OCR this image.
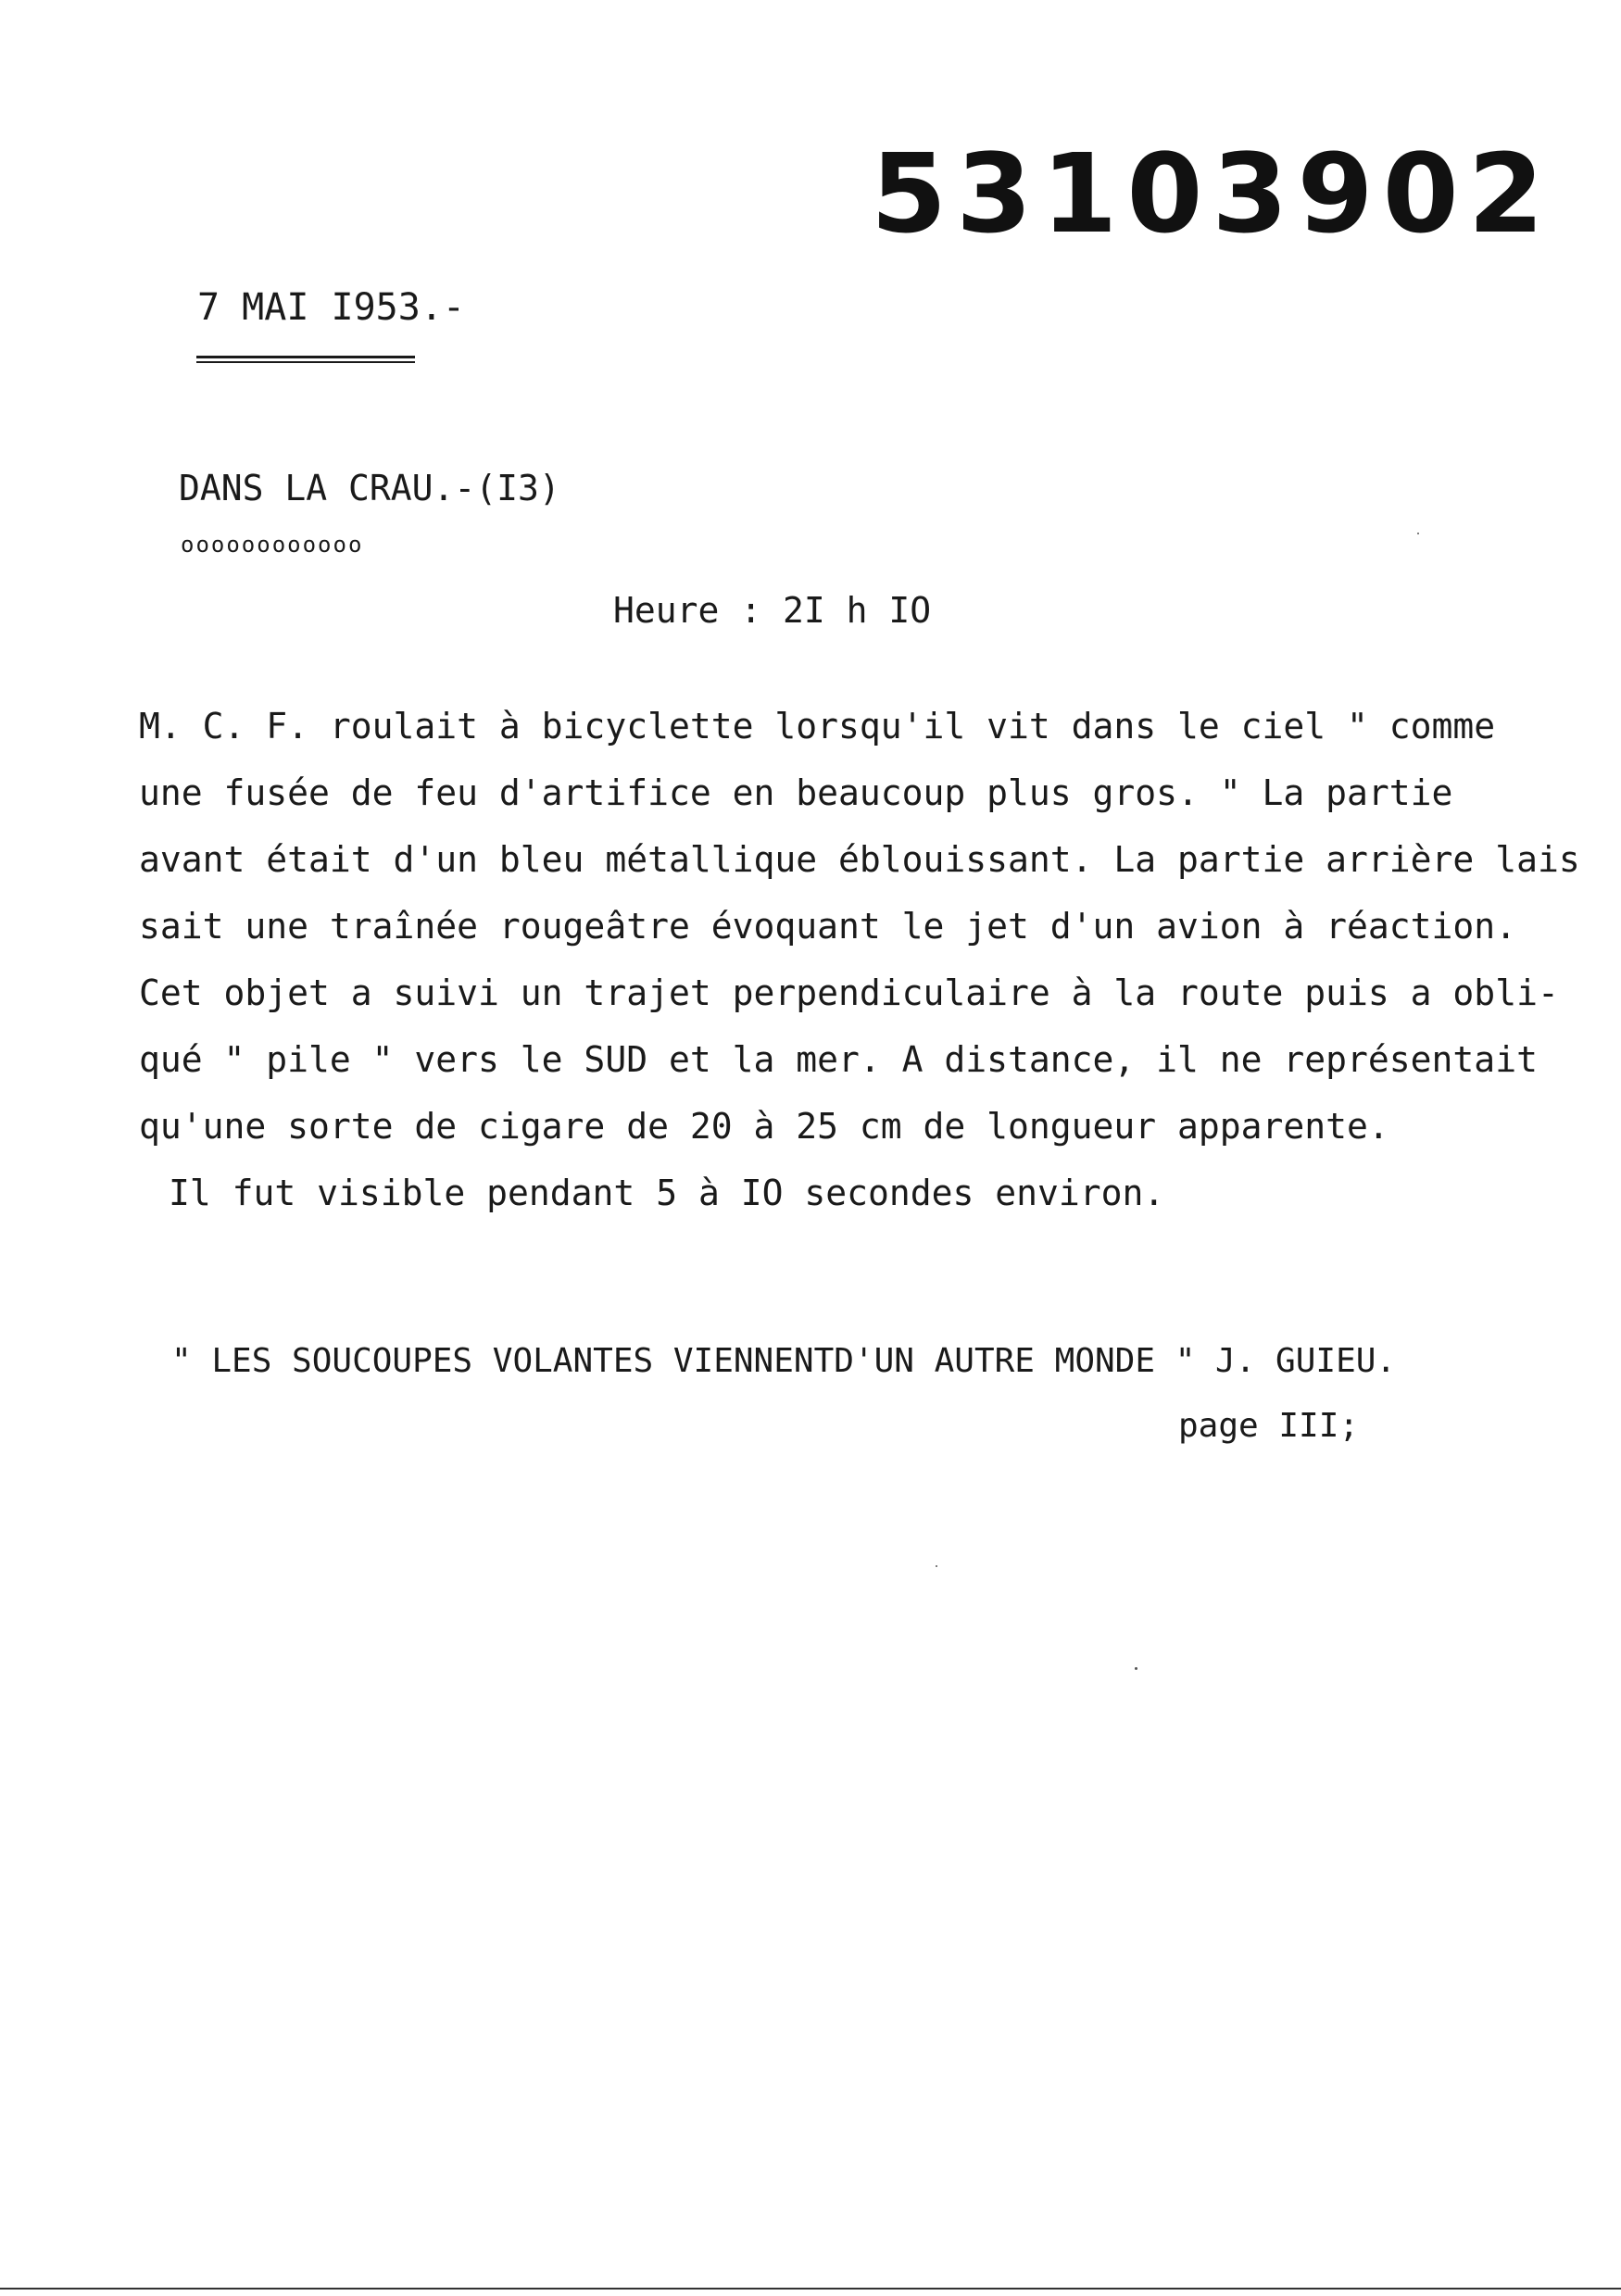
53103902
7 MAI I953.-
DANS LA CRAU.-(I3)
oooooooooooo
Heure : 2I h IO
M. C. F. roulait à bicyclette lorsqu'il vit dans le ciel " comme
une fusée de feu d'artifice en beaucoup plus gros. " La partie
avant était d'un bleu métallique éblouissant. La partie arrière lais
sait une traînée rougeâtre évoquant le jet d'un avion à réaction.
Cet objet a suivi un trajet perpendiculaire à la route puis a obli-
qué " pile " vers le SUD et la mer. A distance, il ne représentait
qu'une sorte de cigare de 20 à 25 cm de longueur apparente.
Il fut visible pendant 5 à IO secondes environ.
" LES SOUCOUPES VOLANTES VIENNENTD'UN AUTRE MONDE " J. GUIEU.
page III;
